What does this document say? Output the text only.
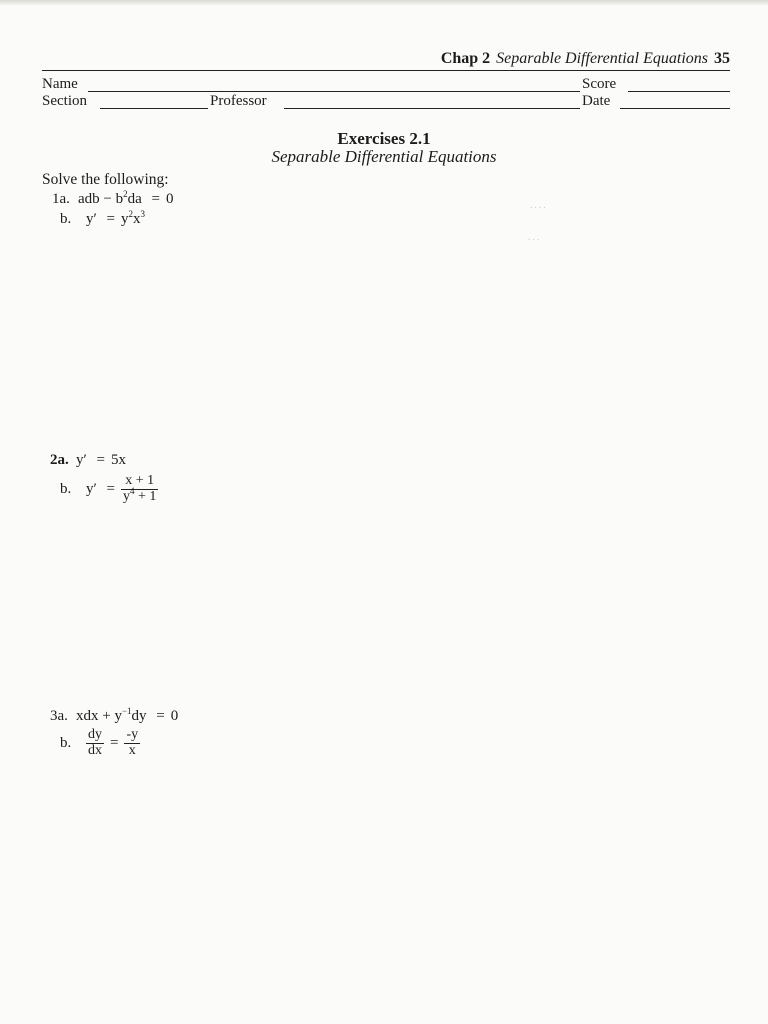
Chap 2 Separable Differential Equations 35
Name	Score
Section	Professor	Date
Exercises 2.1
Separable Differential Equations
Solve the following:
1a. adb − $b^2da = 0$
b. $y' = y^2x^3$
2a. y′ = 5x
b. $y' = \frac{x + 1}{y^4 + 1}$
3a. xdx + $y^{-1}dy = 0$
b. $\frac{dy}{dx} = \frac{-y}{x}$
. . . .
. . .
